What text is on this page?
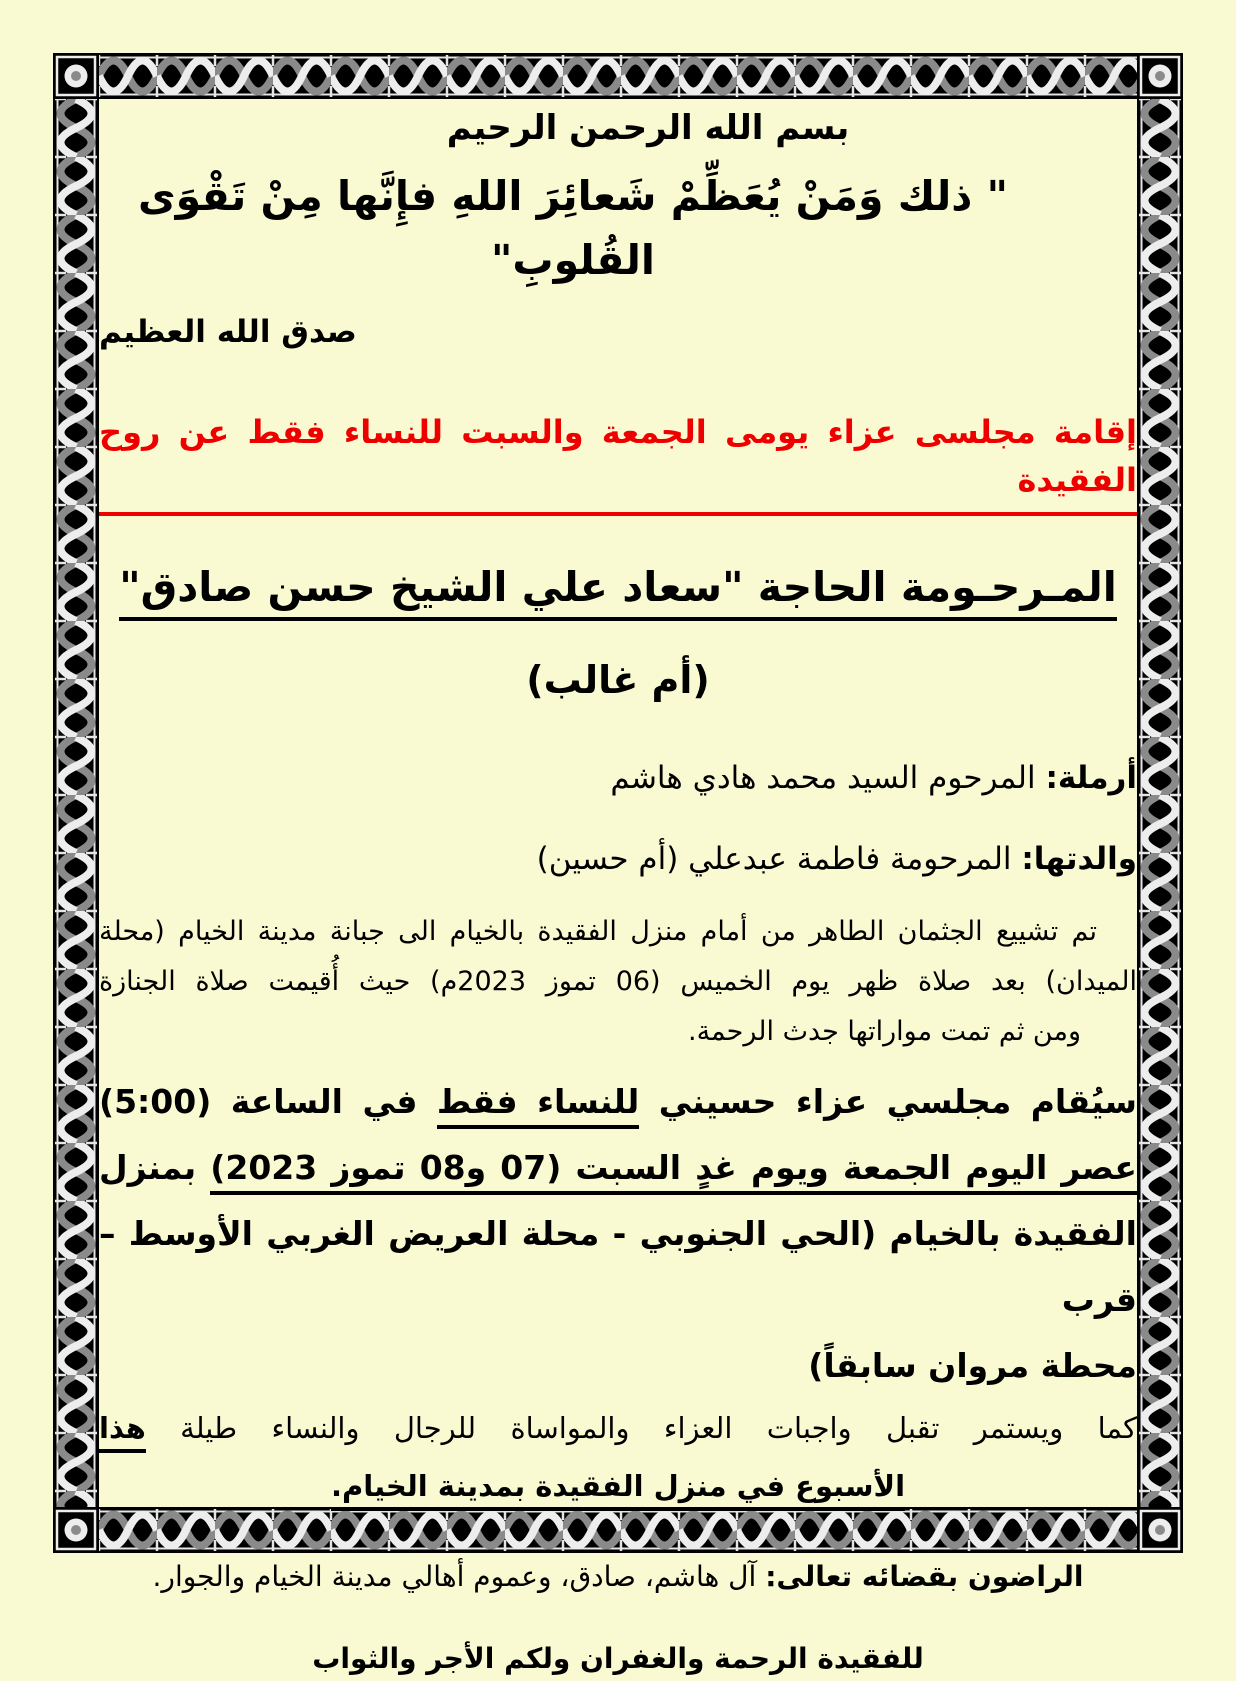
بسم الله الرحمن الرحيم
" ذلك وَمَنْ يُعَظِّمْ شَعائِرَ اللهِ فإِنَّها مِنْ تَقْوَى القُلوبِ"
صدق الله العظيم
إقامة مجلسى عزاء يومى الجمعة والسبت للنساء فقط عن روح الفقيدة
المـرحـومة الحاجة "سعاد علي الشيخ حسن صادق"
(أم غالب)
أرملة: المرحوم السيد محمد هادي هاشم
والدتها: المرحومة فاطمة عبدعلي (أم حسين)
تم تشييع الجثمان الطاهر من أمام منزل الفقيدة بالخيام الى جبانة مدينة الخيام (محلة
الميدان) بعد صلاة ظهر يوم الخميس (06 تموز 2023م) حيث أُقيمت صلاة الجنازة
ومن ثم تمت مواراتها جدث الرحمة.
سيُقام مجلسي عزاء حسيني للنساء فقط في الساعة (5:00)
عصر اليوم الجمعة ويوم غدٍ السبت (07 و08 تموز 2023) بمنزل
الفقيدة بالخيام (الحي الجنوبي - محلة العريض الغربي الأوسط – قرب
محطة مروان سابقاً)
كما ويستمر تقبل واجبات العزاء والمواساة للرجال والنساء طيلة هذا
الأسبوع في منزل الفقيدة بمدينة الخيام.
الراضون بقضائه تعالى: آل هاشم، صادق، وعموم أهالي مدينة الخيام والجوار.
للفقيدة الرحمة والغفران ولكم الأجر والثواب
